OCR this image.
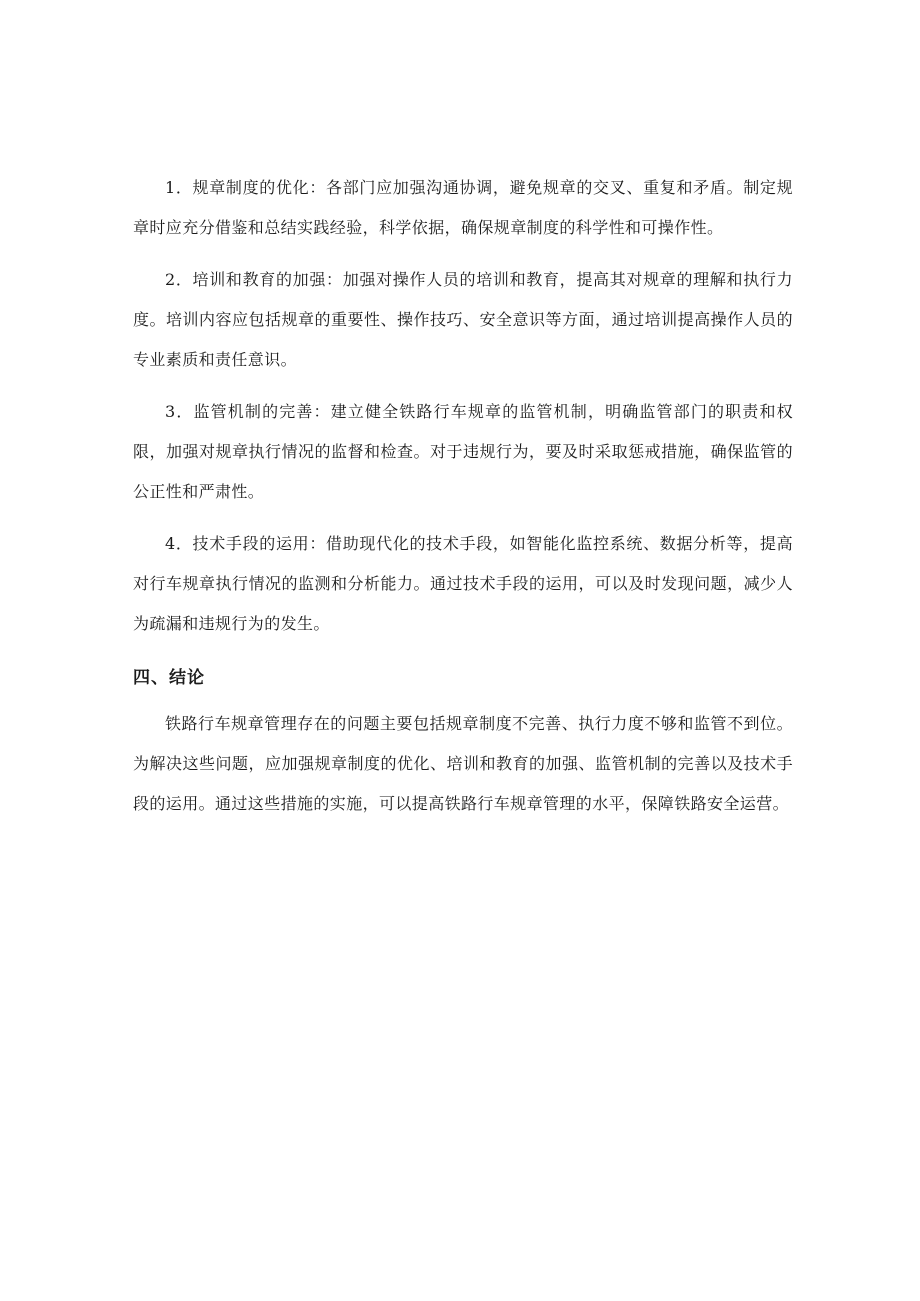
1．规章制度的优化：各部门应加强沟通协调，避免规章的交叉、重复和矛盾。制定规章时应充分借鉴和总结实践经验，科学依据，确保规章制度的科学性和可操作性。

2．培训和教育的加强：加强对操作人员的培训和教育，提高其对规章的理解和执行力度。培训内容应包括规章的重要性、操作技巧、安全意识等方面，通过培训提高操作人员的专业素质和责任意识。

3．监管机制的完善：建立健全铁路行车规章的监管机制，明确监管部门的职责和权限，加强对规章执行情况的监督和检查。对于违规行为，要及时采取惩戒措施，确保监管的公正性和严肃性。

4．技术手段的运用：借助现代化的技术手段，如智能化监控系统、数据分析等，提高对行车规章执行情况的监测和分析能力。通过技术手段的运用，可以及时发现问题，减少人为疏漏和违规行为的发生。

四、结论

铁路行车规章管理存在的问题主要包括规章制度不完善、执行力度不够和监管不到位。为解决这些问题，应加强规章制度的优化、培训和教育的加强、监管机制的完善以及技术手段的运用。通过这些措施的实施，可以提高铁路行车规章管理的水平，保障铁路安全运营。
